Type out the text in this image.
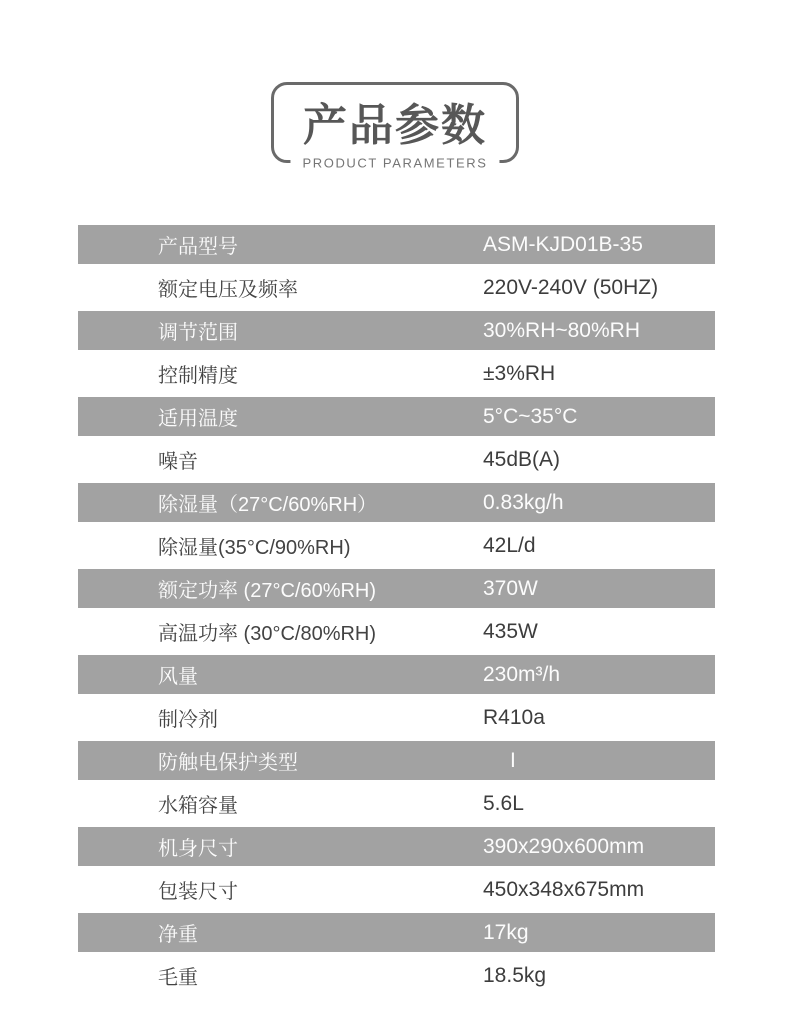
产品参数
PRODUCT PARAMETERS
产品型号	ASM-KJD01B-35
额定电压及频率	220V-240V (50HZ)
调节范围	30%RH~80%RH
控制精度	±3%RH
适用温度	5°C~35°C
噪音	45dB(A)
除湿量（27°C/60%RH）	0.83kg/h
除湿量(35°C/90%RH)	42L/d
额定功率 (27°C/60%RH)	370W
高温功率 (30°C/80%RH)	435W
风量	230m³/h
制冷剂	R410a
防触电保护类型	I
水箱容量	5.6L
机身尺寸	390x290x600mm
包装尺寸	450x348x675mm
净重	17kg
毛重	18.5kg
